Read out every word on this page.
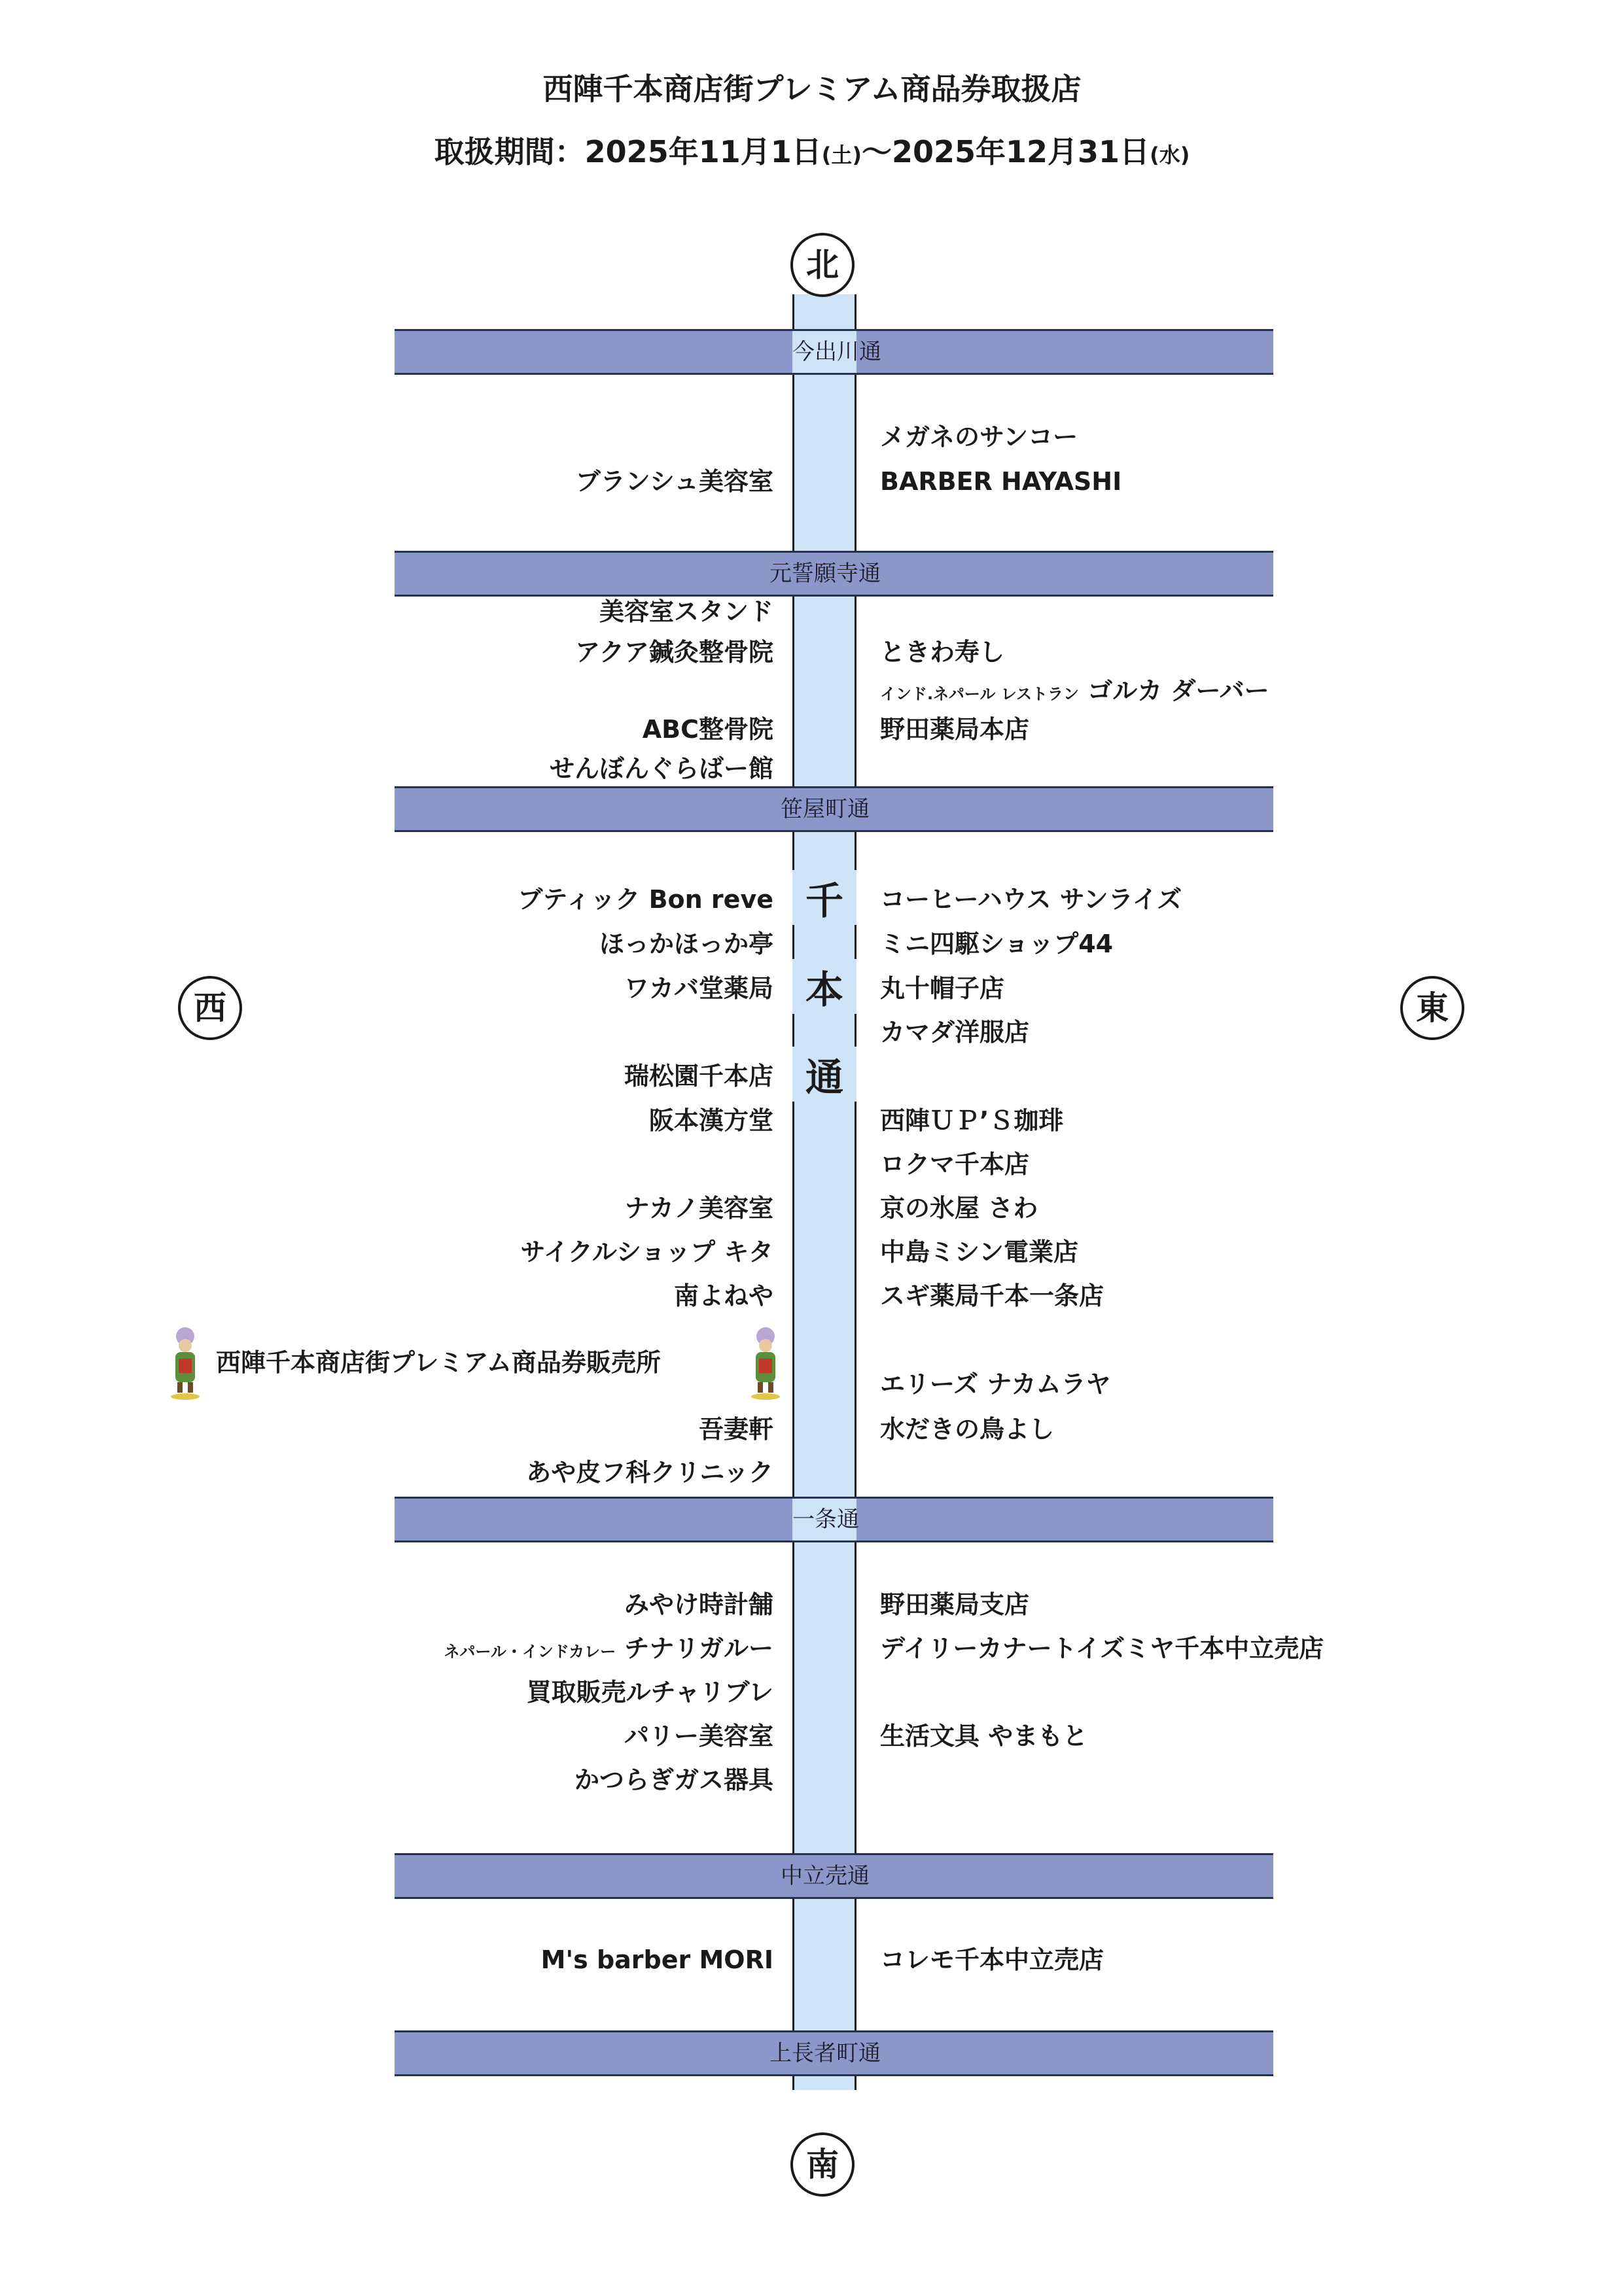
西陣千本商店街プレミアム商品券取扱店
取扱期間：2025年11月1日(土)～2025年12月31日(水)
今出川通
元誓願寺通
笹屋町通
一条通
中立売通
上長者町通
千
本
通
北
南
西	東
ブランシュ美容室
メガネのサンコー
BARBER HAYASHI
美容室スタンド
アクア鍼灸整骨院
ABC整骨院
せんぼんぐらばー館
ときわ寿し
インド.ネパール レストラン ゴルカ ダーバー
野田薬局本店
ブティック Bon reve
ほっかほっか亭
ワカバ堂薬局
瑞松園千本店
阪本漢方堂
ナカノ美容室
サイクルショップ キタ
南よねや
西陣千本商店街プレミアム商品券販売所
吾妻軒
あや皮フ科クリニック
コーヒーハウス サンライズ
ミニ四駆ショップ44
丸十帽子店
カマダ洋服店
西陣ＵＰ’Ｓ珈琲
ロクマ千本店
京の氷屋 さわ
中島ミシン電業店
スギ薬局千本一条店
エリーズ ナカムラヤ
水だきの鳥よし
みやけ時計舗
ネパール・インドカレー チナリガルー
買取販売ルチャリブレ
パリー美容室
かつらぎガス器具
野田薬局支店
デイリーカナートイズミヤ千本中立売店
生活文具 やまもと
M's barber MORI	コレモ千本中立売店
